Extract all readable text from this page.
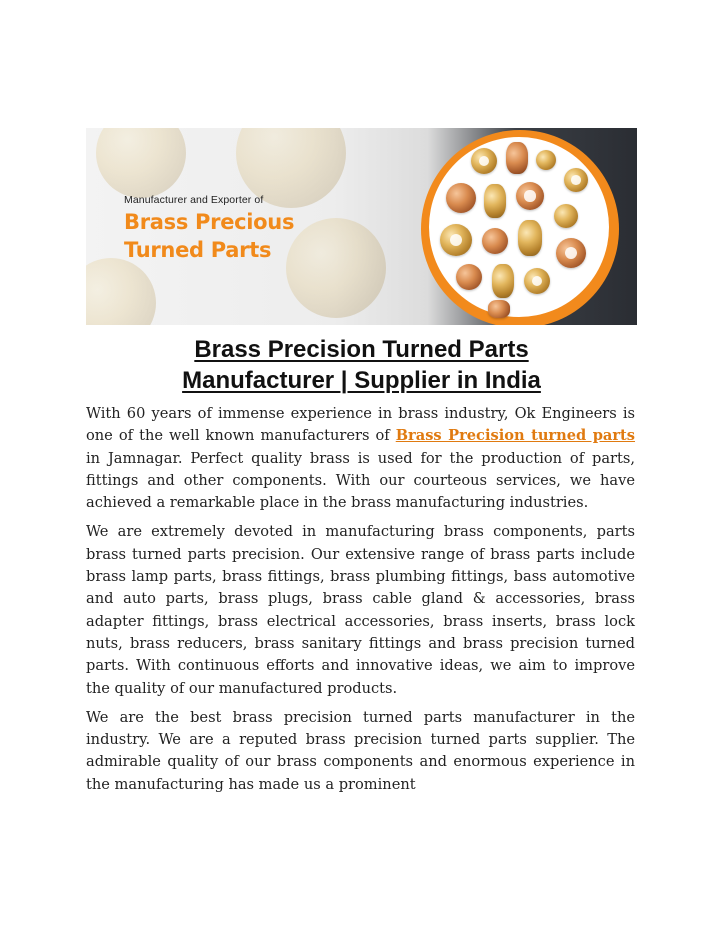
Manufacturer and Exporter of
Brass Precious
Turned Parts
Brass Precision Turned Parts
Manufacturer | Supplier in India

With 60 years of immense experience in brass industry, Ok Engineers is one of the well known manufacturers of Brass Precision turned parts in Jamnagar. Perfect quality brass is used for the production of parts, fittings and other components. With our courteous services, we have achieved a remarkable place in the brass manufacturing industries.

We are extremely devoted in manufacturing brass components, parts brass turned parts precision. Our extensive range of brass parts include brass lamp parts, brass fittings, brass plumbing fittings, bass automotive and auto parts, brass plugs, brass cable gland & accessories, brass adapter fittings, brass electrical accessories, brass inserts, brass lock nuts, brass reducers, brass sanitary fittings and brass precision turned parts. With continuous efforts and innovative ideas, we aim to improve the quality of our manufactured products.

We are the best brass precision turned parts manufacturer in the industry. We are a reputed brass precision turned parts supplier. The admirable quality of our brass components and enormous experience in the manufacturing has made us a prominent
